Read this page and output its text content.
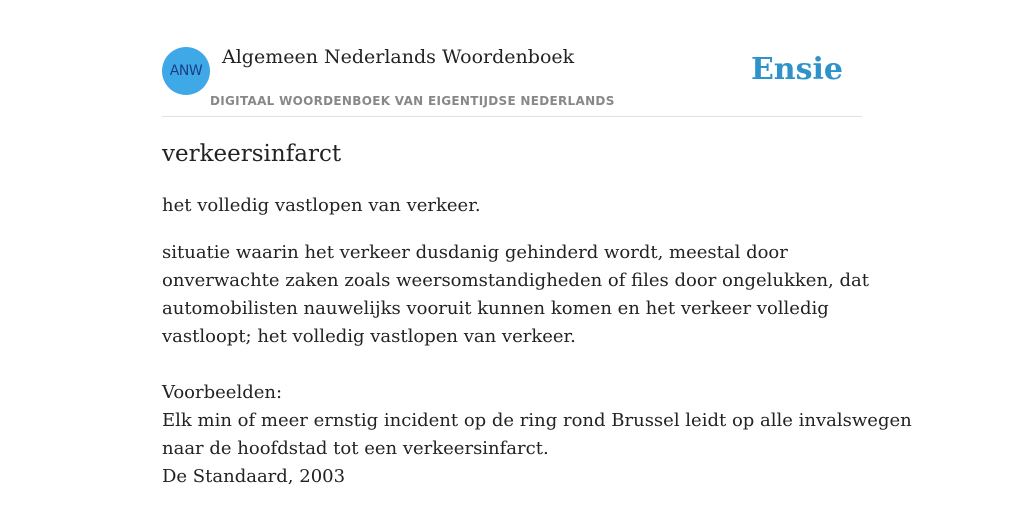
ANW
Algemeen Nederlands Woordenboek
DIGITAAL WOORDENBOEK VAN EIGENTIJDSE NEDERLANDS
Ensie
verkeersinfarct

het volledig vastlopen van verkeer.

situatie waarin het verkeer dusdanig gehinderd wordt, meestal door onverwachte zaken zoals weersomstandigheden of files door ongelukken, dat automobilisten nauwelijks vooruit kunnen komen en het verkeer volledig vastloopt; het volledig vastlopen van verkeer.

Voorbeelden:
Elk min of meer ernstig incident op de ring rond Brussel leidt op alle invalswegen
naar de hoofdstad tot een verkeersinfarct.
De Standaard, 2003
